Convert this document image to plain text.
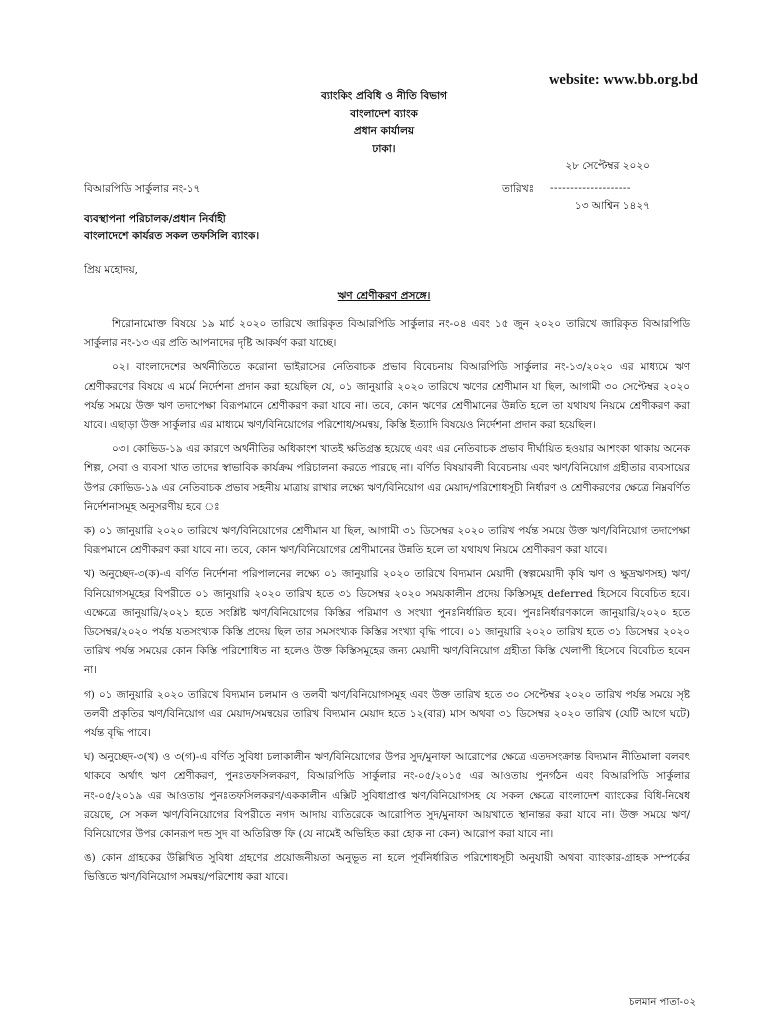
website: www.bb.org.bd
ব্যাংকিং প্রবিধি ও নীতি বিভাগ
বাংলাদেশ ব্যাংক
প্রধান কার্যালয়
ঢাকা।
২৮ সেপ্টেম্বর ২০২০
বিআরপিডি সার্কুলার নং-১৭	তারিখঃ --------------------
১৩ আশ্বিন ১৪২৭
ব্যবস্থাপনা পরিচালক/প্রধান নির্বাহী
বাংলাদেশে কার্যরত সকল তফসিলি ব্যাংক।
প্রিয় মহোদয়,
ঋণ শ্রেণীকরণ প্রসঙ্গে।

শিরোনামোক্ত বিষয়ে ১৯ মার্চ ২০২০ তারিখে জারিকৃত বিআরপিডি সার্কুলার নং-০৪ এবং ১৫ জুন ২০২০ তারিখে জারিকৃত বিআরপিডি সার্কুলার নং-১৩ এর প্রতি আপনাদের দৃষ্টি আকর্ষণ করা যাচ্ছে।

০২। বাংলাদেশের অর্থনীতিতে করোনা ভাইরাসের নেতিবাচক প্রভাব বিবেচনায় বিআরপিডি সার্কুলার নং-১৩/২০২০ এর মাধ্যমে ঋণ শ্রেণীকরণের বিষয়ে এ মর্মে নির্দেশনা প্রদান করা হয়েছিল যে, ০১ জানুয়ারি ২০২০ তারিখে ঋণের শ্রেণীমান যা ছিল, আগামী ৩০ সেপ্টেম্বর ২০২০ পর্যন্ত সময়ে উক্ত ঋণ তদাপেক্ষা বিরূপমানে শ্রেণীকরণ করা যাবে না। তবে, কোন ঋণের শ্রেণীমানের উন্নতি হলে তা যথাযথ নিয়মে শ্রেণীকরণ করা যাবে। এছাড়া উক্ত সার্কুলার এর মাধ্যমে ঋণ/বিনিয়োগের পরিশোধ/সমন্বয়, কিস্তি ইত্যাদি বিষয়েও নির্দেশনা প্রদান করা হয়েছিল।

০৩। কোভিড-১৯ এর কারণে অর্থনীতির অধিকাংশ খাতই ক্ষতিগ্রস্ত হয়েছে এবং এর নেতিবাচক প্রভাব দীর্ঘায়িত হওয়ার আশংকা থাকায় অনেক শিল্প, সেবা ও ব্যবসা খাত তাদের স্বাভাবিক কার্যক্রম পরিচালনা করতে পারছে না। বর্ণিত বিষয়াবলী বিবেচনায় এবং ঋণ/বিনিয়োগ গ্রহীতার ব্যবসায়ের উপর কোভিড-১৯ এর নেতিবাচক প্রভাব সহনীয় মাত্রায় রাখার লক্ষ্যে ঋণ/বিনিয়োগ এর মেয়াদ/পরিশোধসূচী নির্ধারণ ও শ্রেণীকরণের ক্ষেত্রে নিম্নবর্ণিত নির্দেশনাসমূহ অনুসরণীয় হবে ঃ

ক) ০১ জানুয়ারি ২০২০ তারিখে ঋণ/বিনিয়োগের শ্রেণীমান যা ছিল, আগামী ৩১ ডিসেম্বর ২০২০ তারিখ পর্যন্ত সময়ে উক্ত ঋণ/বিনিয়োগ তদাপেক্ষা বিরূপমানে শ্রেণীকরণ করা যাবে না। তবে, কোন ঋণ/বিনিয়োগের শ্রেণীমানের উন্নতি হলে তা যথাযথ নিয়মে শ্রেণীকরণ করা যাবে।

খ) অনুচ্ছেদ-৩(ক)-এ বর্ণিত নির্দেশনা পরিপালনের লক্ষ্যে ০১ জানুয়ারি ২০২০ তারিখে বিদ্যমান মেয়াদী (স্বল্পমেয়াদী কৃষি ঋণ ও ক্ষুদ্রঋণসহ) ঋণ/বিনিয়োগসমূহের বিপরীতে ০১ জানুয়ারি ২০২০ তারিখ হতে ৩১ ডিসেম্বর ২০২০ সময়কালীন প্রদেয় কিস্তিসমূহ deferred হিসেবে বিবেচিত হবে। এক্ষেত্রে জানুয়ারি/২০২১ হতে সংশ্লিষ্ট ঋণ/বিনিয়োগের কিস্তির পরিমাণ ও সংখ্যা পুনঃনির্ধারিত হবে। পুনঃনির্ধারণকালে জানুয়ারি/২০২০ হতে ডিসেম্বর/২০২০ পর্যন্ত যতসংখ্যক কিস্তি প্রদেয় ছিল তার সমসংখ্যক কিস্তির সংখ্যা বৃদ্ধি পাবে। ০১ জানুয়ারি ২০২০ তারিখ হতে ৩১ ডিসেম্বর ২০২০ তারিখ পর্যন্ত সময়ের কোন কিস্তি পরিশোধিত না হলেও উক্ত কিস্তিসমূহের জন্য মেয়াদী ঋণ/বিনিয়োগ গ্রহীতা কিস্তি খেলাপী হিসেবে বিবেচিত হবেন না।

গ) ০১ জানুয়ারি ২০২০ তারিখে বিদ্যমান চলমান ও তলবী ঋণ/বিনিয়োগসমূহ এবং উক্ত তারিখ হতে ৩০ সেপ্টেম্বর ২০২০ তারিখ পর্যন্ত সময়ে সৃষ্ট তলবী প্রকৃতির ঋণ/বিনিয়োগ এর মেয়াদ/সমন্বয়ের তারিখ বিদ্যমান মেয়াদ হতে ১২(বার) মাস অথবা ৩১ ডিসেম্বর ২০২০ তারিখ (যেটি আগে ঘটে) পর্যন্ত বৃদ্ধি পাবে।

ঘ) অনুচ্ছেদ-৩(খ) ও ৩(গ)-এ বর্ণিত সুবিধা চলাকালীন ঋণ/বিনিয়োগের উপর সুদ/মুনাফা আরোপের ক্ষেত্রে এতদসংক্রান্ত বিদ্যমান নীতিমালা বলবৎ থাকবে অর্থাৎ ঋণ শ্রেণীকরণ, পুনঃতফসিলকরণ, বিআরপিডি সার্কুলার নং-০৫/২০১৫ এর আওতায় পুনর্গঠন এবং বিআরপিডি সার্কুলার নং-০৫/২০১৯ এর আওতায় পুনঃতফসিলকরণ/এককালীন এক্সিট সুবিধাপ্রাপ্ত ঋণ/বিনিয়োগসহ যে সকল ক্ষেত্রে বাংলাদেশ ব্যাংকের বিধি-নিষেধ রয়েছে, সে সকল ঋণ/বিনিয়োগের বিপরীতে নগদ আদায় ব্যতিরেকে আরোপিত সুদ/মুনাফা আয়খাতে স্থানান্তর করা যাবে না। উক্ত সময়ে ঋণ/বিনিয়োগের উপর কোনরূপ দন্ড সুদ বা অতিরিক্ত ফি (যে নামেই অভিহিত করা হোক না কেন) আরোপ করা যাবে না।

ঙ) কোন গ্রাহকের উল্লিখিত সুবিধা গ্রহণের প্রয়োজনীয়তা অনুভূত না হলে পূর্বনির্ধারিত পরিশোধসূচী অনুযায়ী অথবা ব্যাংকার-গ্রাহক সম্পর্কের ভিত্তিতে ঋণ/বিনিয়োগ সমন্বয়/পরিশোধ করা যাবে।

চলমান পাতা-০২
